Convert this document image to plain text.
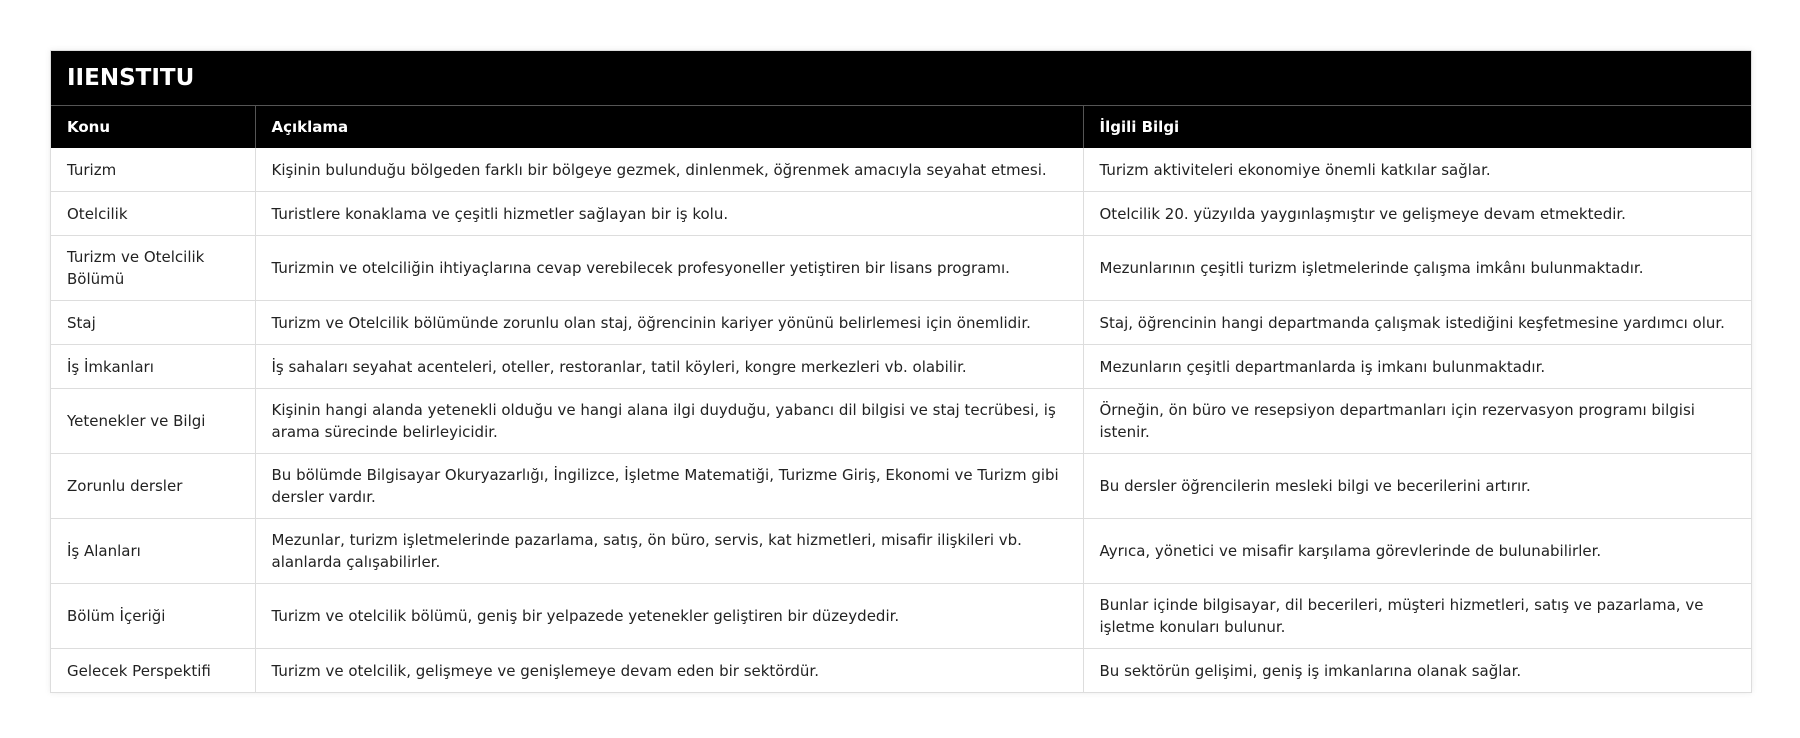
IIENSTITU		
Konu	Açıklama	İlgili Bilgi
Turizm	Kişinin bulunduğu bölgeden farklı bir bölgeye gezmek, dinlenmek, öğrenmek amacıyla seyahat etmesi.	Turizm aktiviteleri ekonomiye önemli katkılar sağlar.
Otelcilik	Turistlere konaklama ve çeşitli hizmetler sağlayan bir iş kolu.	Otelcilik 20. yüzyılda yaygınlaşmıştır ve gelişmeye devam etmektedir.
Turizm ve Otelcilik Bölümü	Turizmin ve otelciliğin ihtiyaçlarına cevap verebilecek profesyoneller yetiştiren bir lisans programı.	Mezunlarının çeşitli turizm işletmelerinde çalışma imkânı bulunmaktadır.
Staj	Turizm ve Otelcilik bölümünde zorunlu olan staj, öğrencinin kariyer yönünü belirlemesi için önemlidir.	Staj, öğrencinin hangi departmanda çalışmak istediğini keşfetmesine yardımcı olur.
İş İmkanları	İş sahaları seyahat acenteleri, oteller, restoranlar, tatil köyleri, kongre merkezleri vb. olabilir.	Mezunların çeşitli departmanlarda iş imkanı bulunmaktadır.
Yetenekler ve Bilgi	Kişinin hangi alanda yetenekli olduğu ve hangi alana ilgi duyduğu, yabancı dil bilgisi ve staj tecrübesi, iş arama sürecinde belirleyicidir.	Örneğin, ön büro ve resepsiyon departmanları için rezervasyon programı bilgisi istenir.
Zorunlu dersler	Bu bölümde Bilgisayar Okuryazarlığı, İngilizce, İşletme Matematiği, Turizme Giriş, Ekonomi ve Turizm gibi dersler vardır.	Bu dersler öğrencilerin mesleki bilgi ve becerilerini artırır.
İş Alanları	Mezunlar, turizm işletmelerinde pazarlama, satış, ön büro, servis, kat hizmetleri, misafir ilişkileri vb. alanlarda çalışabilirler.	Ayrıca, yönetici ve misafir karşılama görevlerinde de bulunabilirler.
Bölüm İçeriği	Turizm ve otelcilik bölümü, geniş bir yelpazede yetenekler geliştiren bir düzeydedir.	Bunlar içinde bilgisayar, dil becerileri, müşteri hizmetleri, satış ve pazarlama, ve işletme konuları bulunur.
Gelecek Perspektifi	Turizm ve otelcilik, gelişmeye ve genişlemeye devam eden bir sektördür.	Bu sektörün gelişimi, geniş iş imkanlarına olanak sağlar.
